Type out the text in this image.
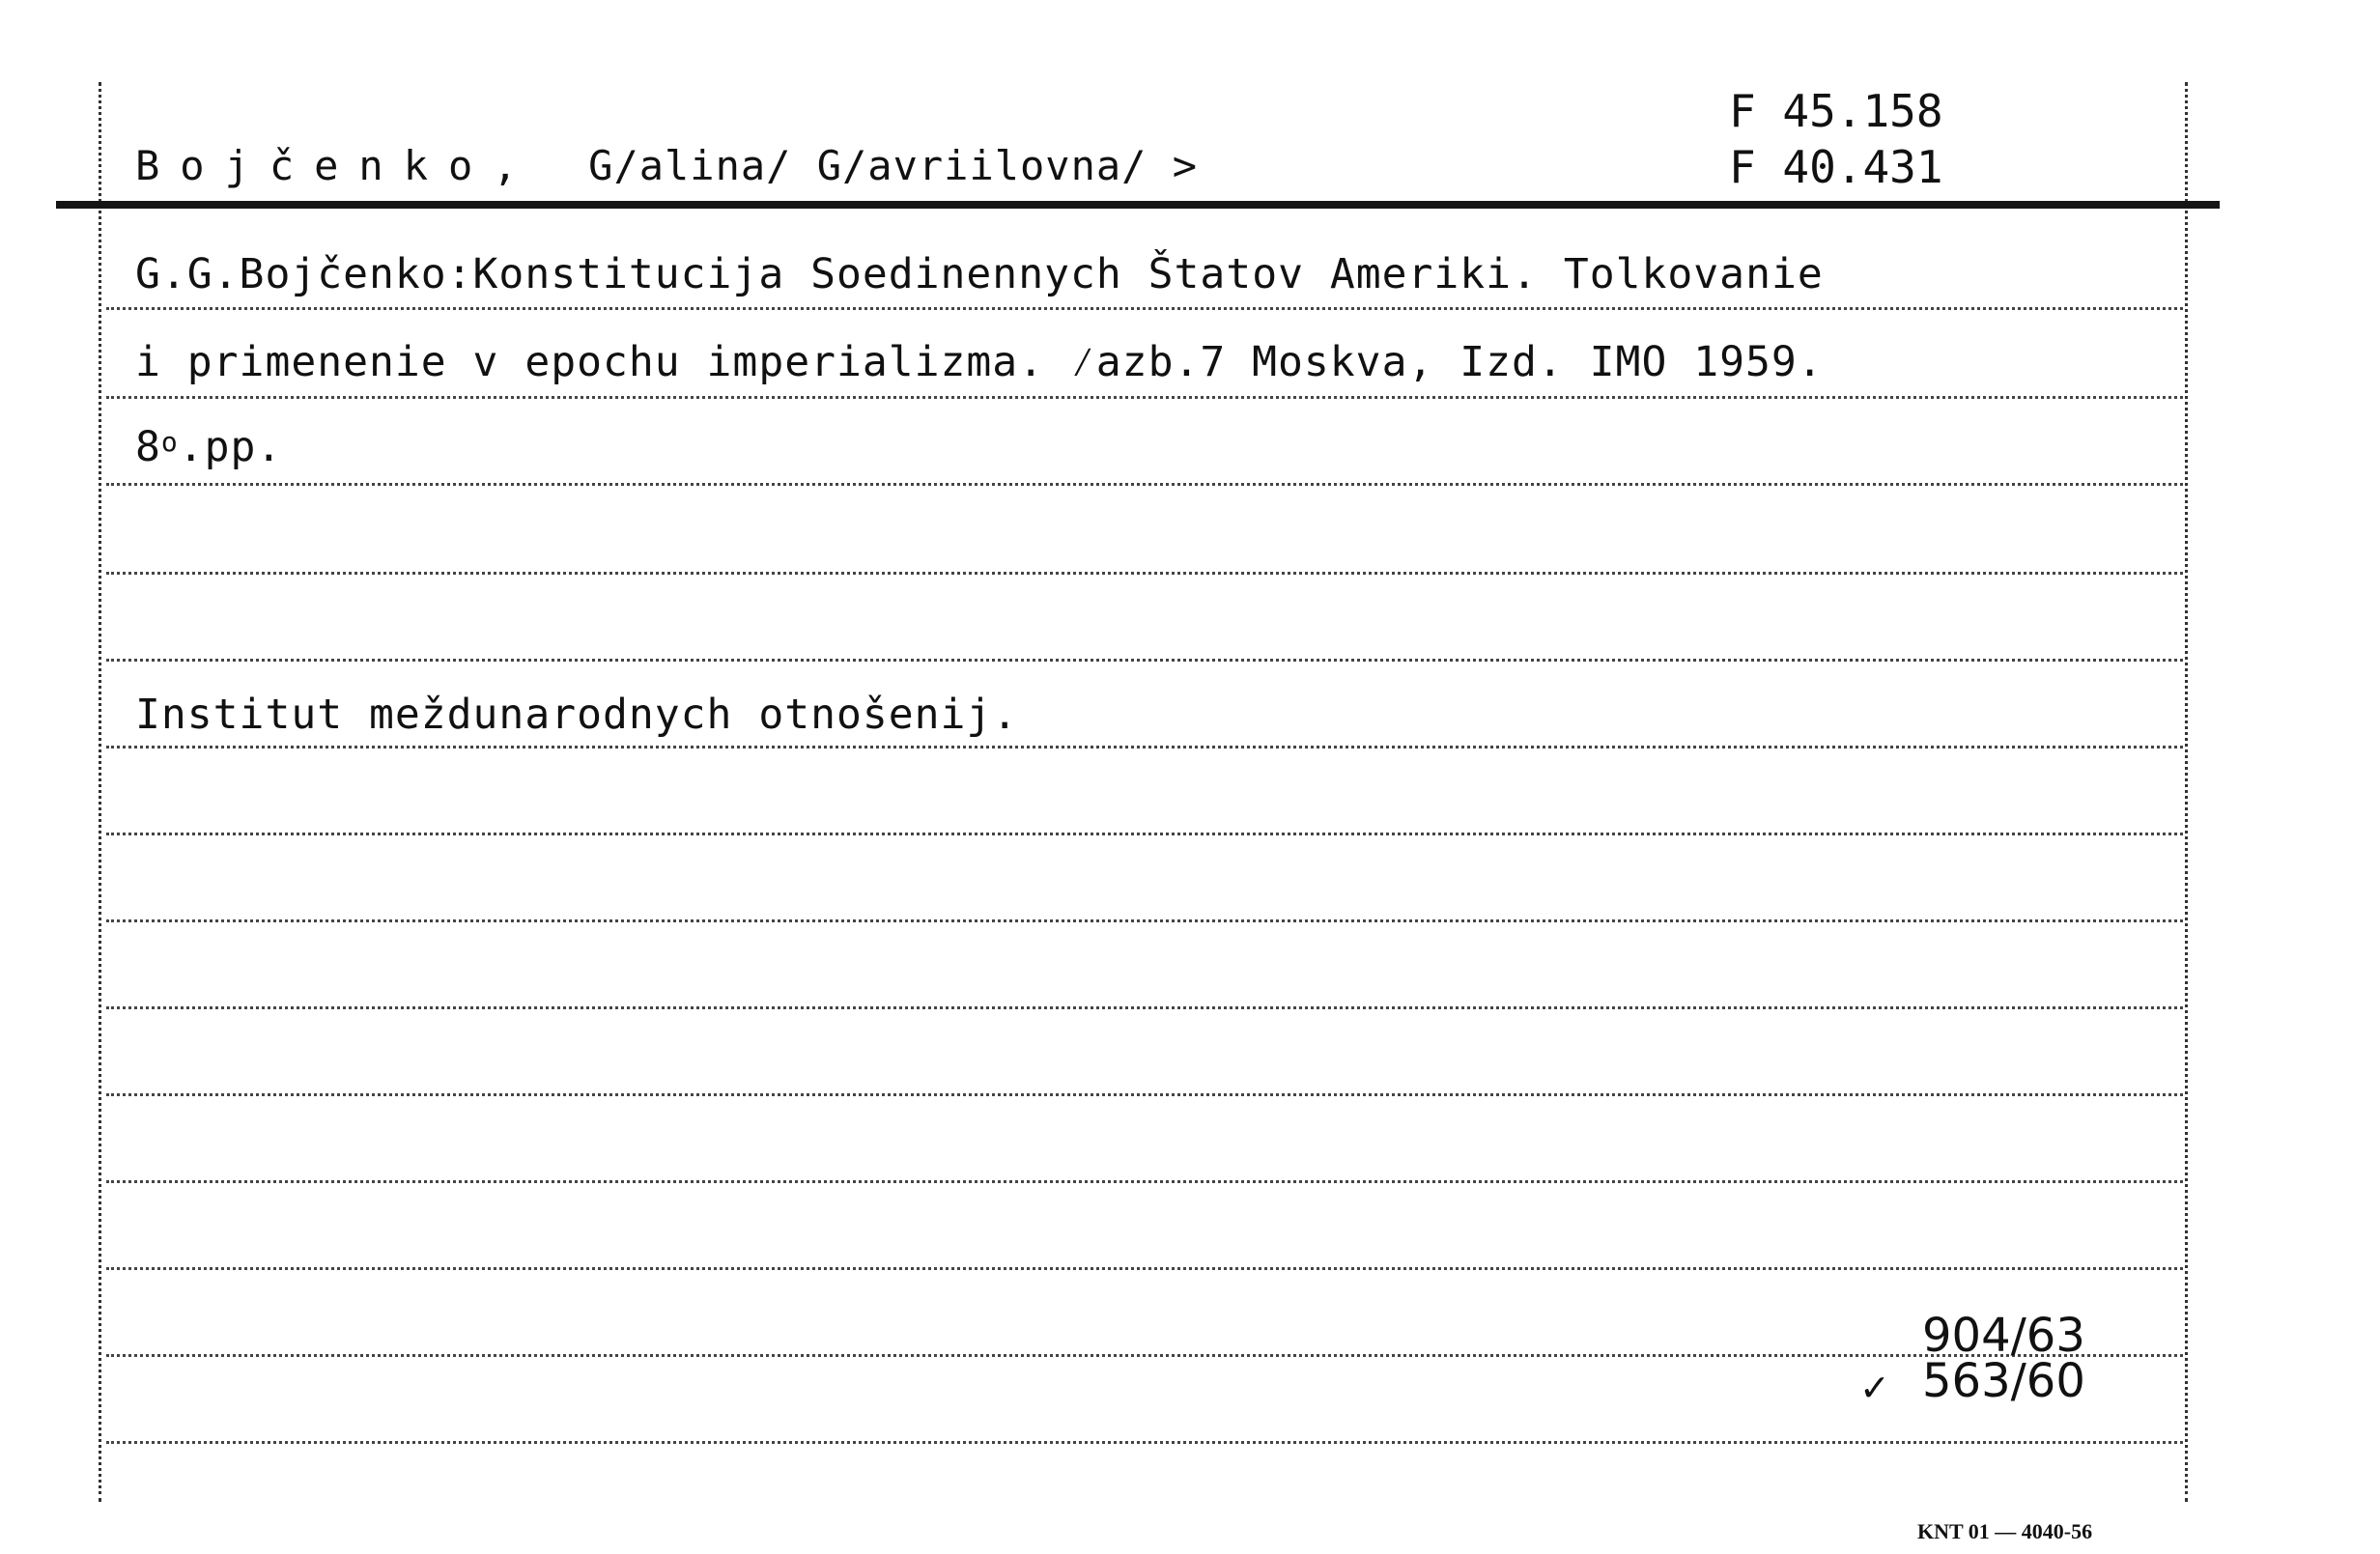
Bojčenko, G/alina/ G/avriilovna/ >
F 45.158
F 40.431
G.G.Bojčenko:Konstitucija Soedinennych Štatov Ameriki. Tolkovanie
i primenenie v epochu imperializma. ⁄azb.7 Moskva, Izd. IMO 1959.
8$^o$.pp.
Institut meždunarodnych otnošenij.
904/63
563/60
✓
KNT 01 — 4040-56
